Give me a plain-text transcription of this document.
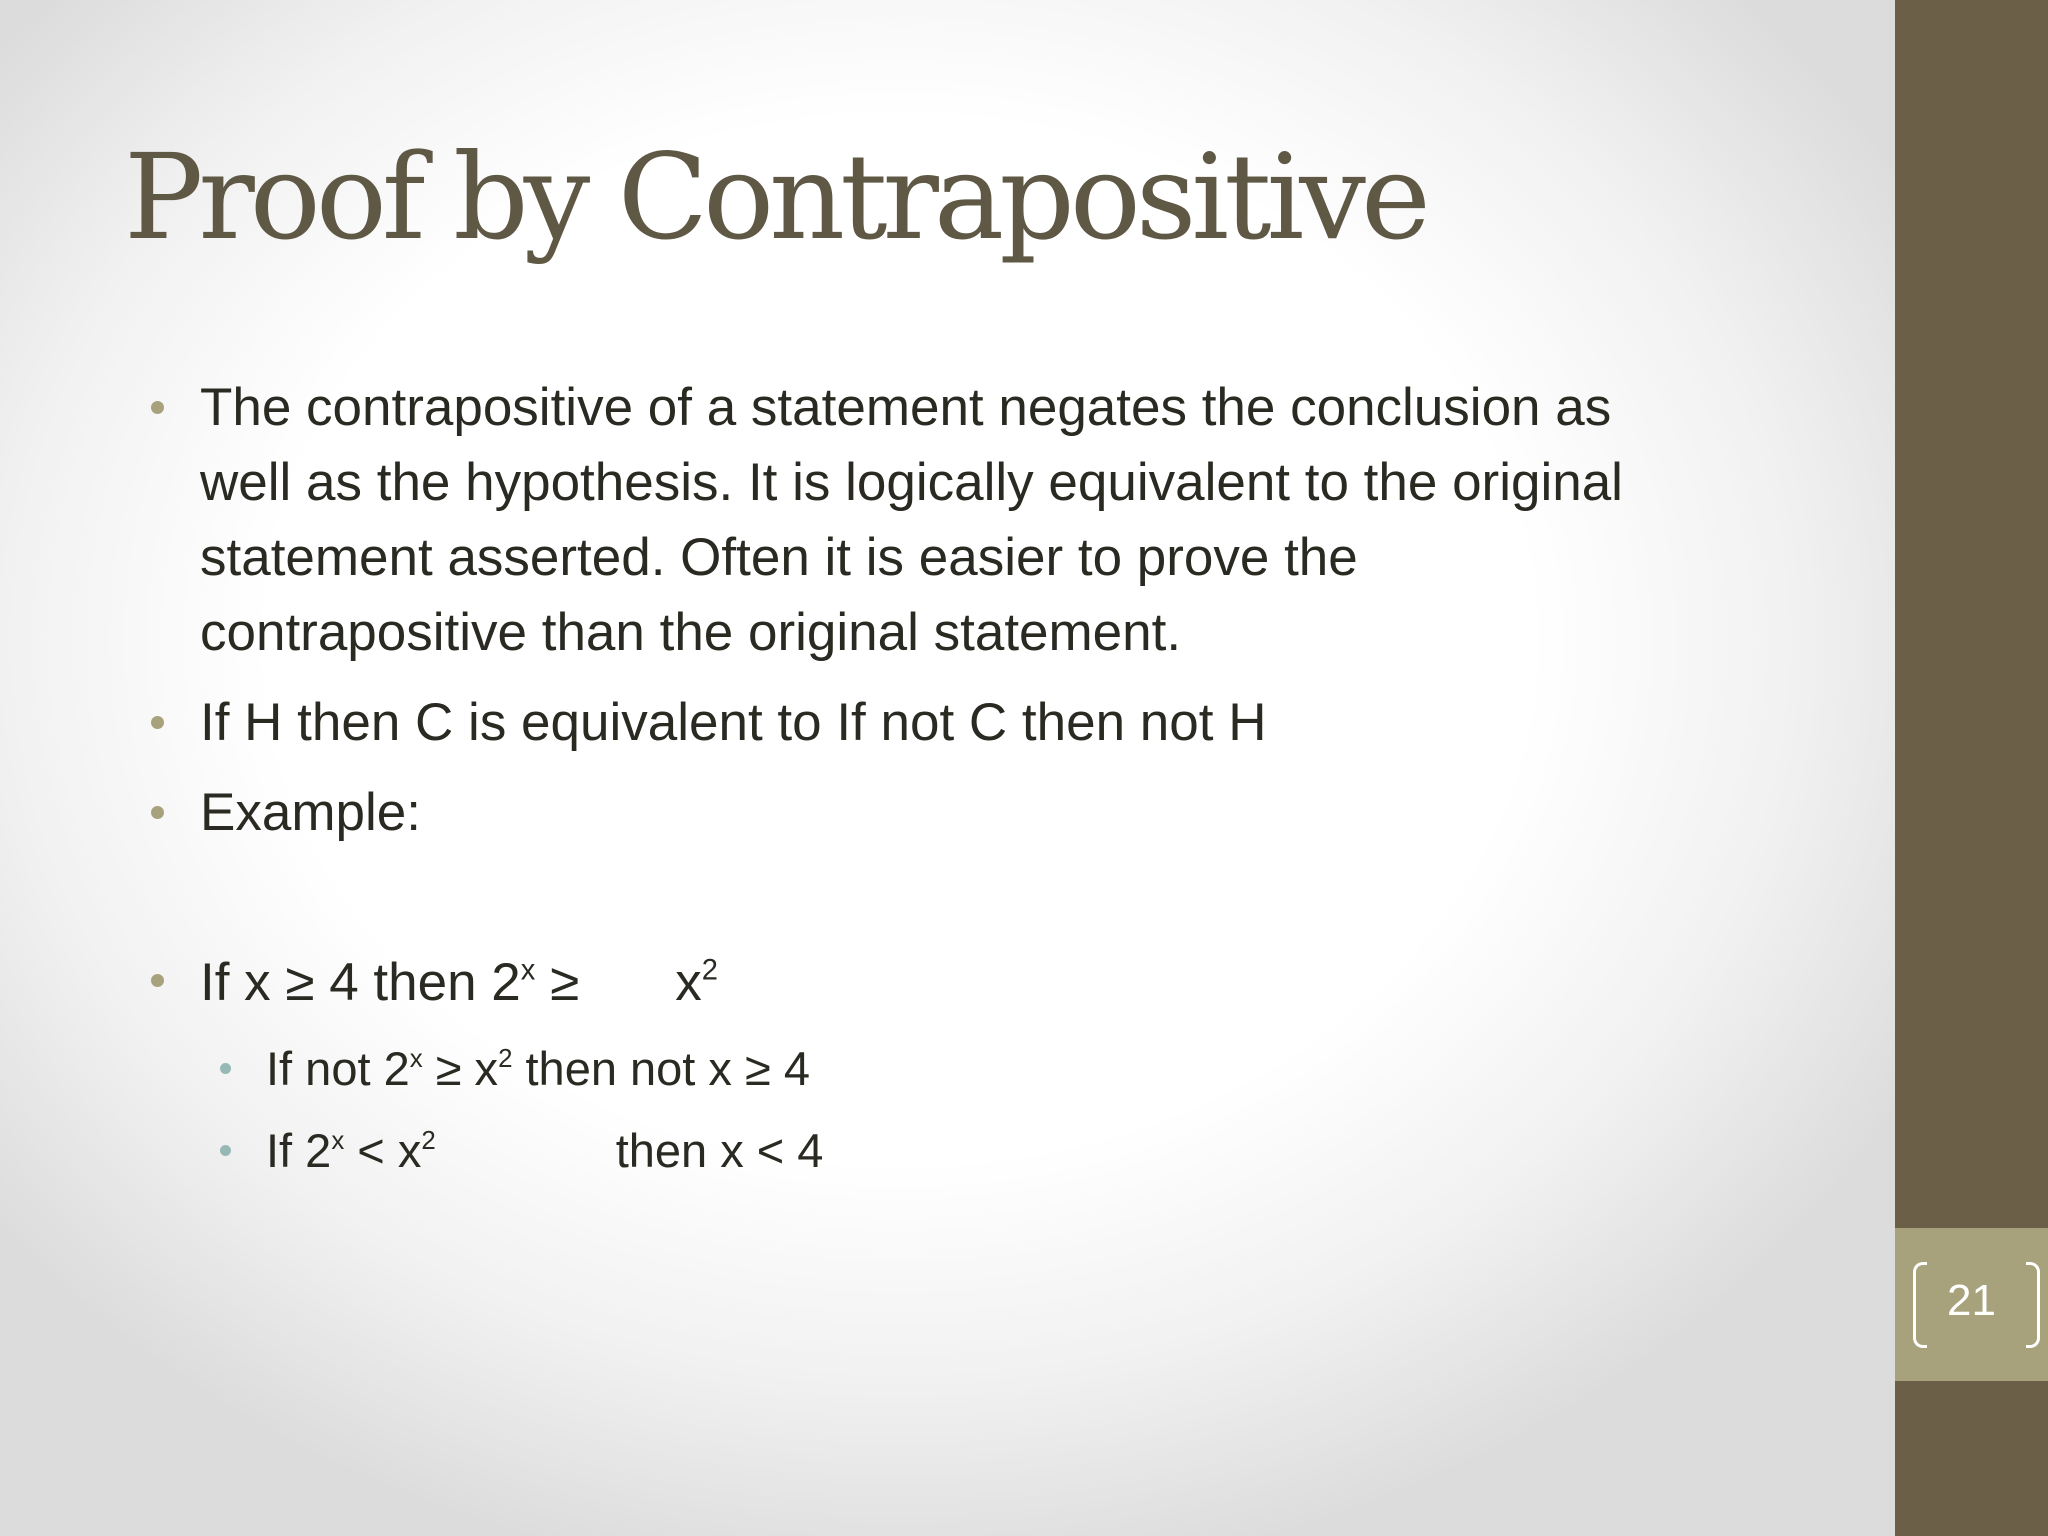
21
Proof by Contrapositive
The contrapositive of a statement negates the conclusion as
well as the hypothesis. It is logically equivalent to the original
statement asserted. Often it is easier to prove the
contrapositive than the original statement.
If H then C is equivalent to If not C then not H
Example:
If x ≥ 4 then $2^x \ge x^2$
If not $2^x \ge x^2$ then not x ≥ 4
If $2^x < x^2$	then x < 4
